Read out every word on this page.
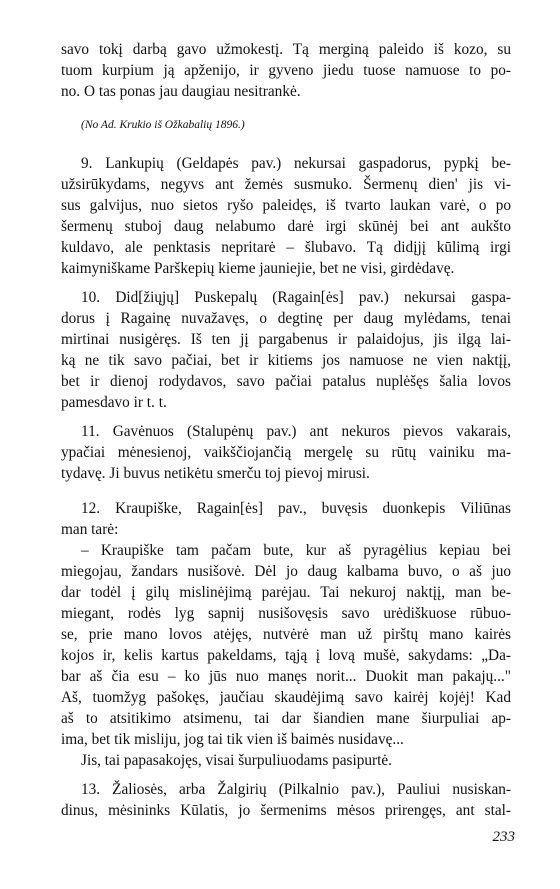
savo tokį darbą gavo užmokestį. Tą merginą paleido iš kozo, su
tuom kurpium ją apženijo, ir gyveno jiedu tuose namuose to po-
no. O tas ponas jau daugiau nesitrankė.
9. Lankupių (Geldapės pav.) nekursai gaspadorus, pypkį be-
užsirūkydams, negyvs ant žemės susmuko. Šermenų dien' jis vi-
sus galvijus, nuo sietos ryšo paleidęs, iš tvarto laukan varė, o po
šermenų stuboj daug nelabumo darė irgi skūnėj bei ant aukšto
kuldavo, ale penktasis nepritarė – šlubavo. Tą didįjį kūlimą irgi
kaimyniškame Parškepių kieme jauniejie, bet ne visi, girdėdavę.
10. Did[žiųjų] Puskepalų (Ragain[ės] pav.) nekursai gaspa-
dorus į Ragainę nuvažavęs, o degtinę per daug mylėdams, tenai
mirtinai nusigėręs. Iš ten jį pargabenus ir palaidojus, jis ilgą lai-
ką ne tik savo pačiai, bet ir kitiems jos namuose ne vien naktįį,
bet ir dienoj rodydavos, savo pačiai patalus nuplėšęs šalia lovos
pamesdavo ir t. t.
11. Gavėnuos (Stalupėnų pav.) ant nekuros pievos vakarais,
ypačiai mėnesienoj, vaikščiojančią mergelę su rūtų vainiku ma-
tydavę. Ji buvus netikėtu smerču toj pievoj mirusi.
12. Kraupiške, Ragain[ės] pav., buvęsis duonkepis Viliūnas
man tarė:
– Kraupiške tam pačam bute, kur aš pyragėlius kepiau bei
miegojau, žandars nusišovė. Dėl jo daug kalbama buvo, o aš juo
dar todėl į gilų mislinėjimą parėjau. Tai nekuroj naktįį, man be-
miegant, rodės lyg sapnij nusišovęsis savo urėdiškuose rūbuo-
se, prie mano lovos atėjęs, nutvėrė man už pirštų mano kairės
kojos ir, kelis kartus pakeldams, tąją į lovą mušė, sakydams: „Da-
bar aš čia esu – ko jūs nuo manęs norit... Duokit man pakajų..."
Aš, tuomžyg pašokęs, jaučiau skaudėjimą savo kairėj kojėj! Kad
aš to atsitikimo atsimenu, tai dar šiandien mane šiurpuliai ap-
ima, bet tik misliju, jog tai tik vien iš baimės nusidavę...
Jis, tai papasakojęs, visai šurpuliuodams pasipurtė.
13. Žaliosės, arba Žalgirių (Pilkalnio pav.), Pauliui nusiskan-
dinus, mėsininks Kūlatis, jo šermenims mėsos prirengęs, ant stal-
(No Ad. Krukio iš Ožkabalių 1896.)
233
